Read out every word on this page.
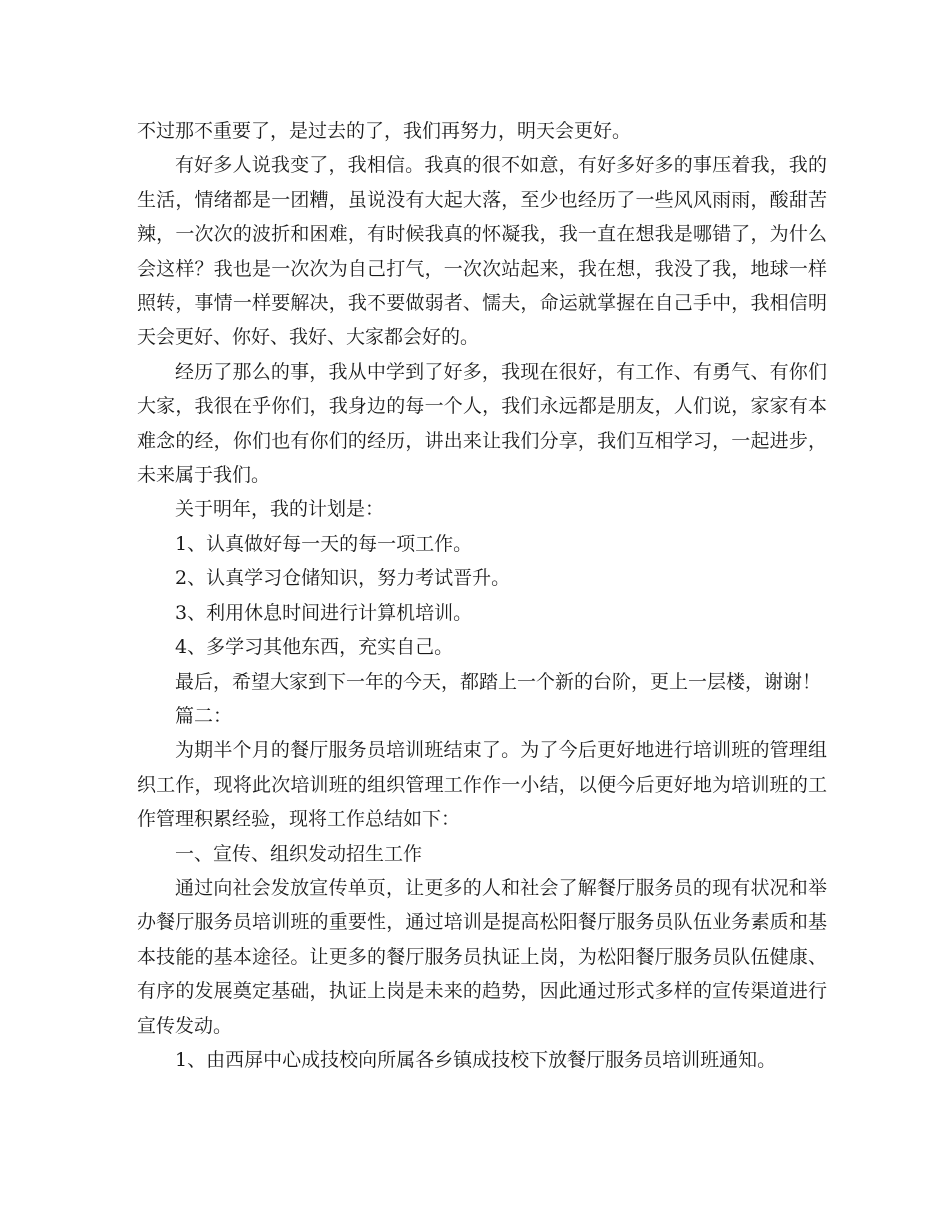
不过那不重要了，是过去的了，我们再努力，明天会更好。

有好多人说我变了，我相信。我真的很不如意，有好多好多的事压着我，我的生活，情绪都是一团糟，虽说没有大起大落，至少也经历了一些风风雨雨，酸甜苦辣，一次次的波折和困难，有时候我真的怀凝我，我一直在想我是哪错了，为什么会这样？我也是一次次为自己打气，一次次站起来，我在想，我没了我，地球一样照转，事情一样要解决，我不要做弱者、懦夫，命运就掌握在自己手中，我相信明天会更好、你好、我好、大家都会好的。

经历了那么的事，我从中学到了好多，我现在很好，有工作、有勇气、有你们大家，我很在乎你们，我身边的每一个人，我们永远都是朋友，人们说，家家有本难念的经，你们也有你们的经历，讲出来让我们分享，我们互相学习，一起进步，未来属于我们。

关于明年，我的计划是：

1、认真做好每一天的每一项工作。

2、认真学习仓储知识，努力考试晋升。

3、利用休息时间进行计算机培训。

4、多学习其他东西，充实自己。

最后，希望大家到下一年的今天，都踏上一个新的台阶，更上一层楼，谢谢！

篇二：

为期半个月的餐厅服务员培训班结束了。为了今后更好地进行培训班的管理组织工作，现将此次培训班的组织管理工作作一小结，以便今后更好地为培训班的工作管理积累经验，现将工作总结如下：

一、宣传、组织发动招生工作

通过向社会发放宣传单页，让更多的人和社会了解餐厅服务员的现有状况和举办餐厅服务员培训班的重要性，通过培训是提高松阳餐厅服务员队伍业务素质和基本技能的基本途径。让更多的餐厅服务员执证上岗，为松阳餐厅服务员队伍健康、有序的发展奠定基础，执证上岗是未来的趋势，因此通过形式多样的宣传渠道进行宣传发动。

1、由西屏中心成技校向所属各乡镇成技校下放餐厅服务员培训班通知。
